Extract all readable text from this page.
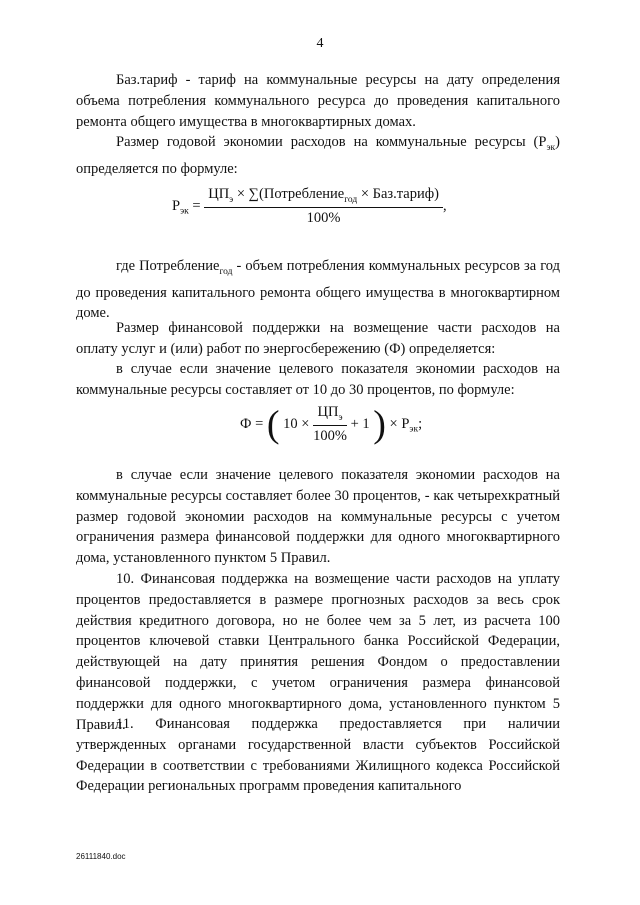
4

Баз.тариф - тариф на коммунальные ресурсы на дату определения объема потребления коммунального ресурса до проведения капитального ремонта общего имущества в многоквартирных домах.

Размер годовой экономии расходов на коммунальные ресурсы $(Р_{эк})$ определяется по формуле:

$Р_{эк} = \frac{ЦП_э \times \sum(Потребление_{год} \times Баз.тариф)}{100\%}$ ,

где Потребление$_{год}$ - объем потребления коммунальных ресурсов за год до проведения капитального ремонта общего имущества в многоквартирном доме.

Размер финансовой поддержки на возмещение части расходов на оплату услуг и (или) работ по энергосбережению (Ф) определяется:

в случае если значение целевого показателя экономии расходов на коммунальные ресурсы составляет от 10 до 30 процентов, по формуле:

Ф = ( $10 \times \frac{ЦП_э}{100\%} + 1$ ) × $Р_{эк}$;

в случае если значение целевого показателя экономии расходов на коммунальные ресурсы составляет более 30 процентов, - как четырехкратный размер годовой экономии расходов на коммунальные ресурсы с учетом ограничения размера финансовой поддержки для одного многоквартирного дома, установленного пунктом 5 Правил.

10. Финансовая поддержка на возмещение части расходов на уплату процентов предоставляется в размере прогнозных расходов за весь срок действия кредитного договора, но не более чем за 5 лет, из расчета 100 процентов ключевой ставки Центрального банка Российской Федерации, действующей на дату принятия решения Фондом о предоставлении финансовой поддержки, с учетом ограничения размера финансовой поддержки для одного многоквартирного дома, установленного пунктом 5 Правил.

11. Финансовая поддержка предоставляется при наличии утвержденных органами государственной власти субъектов Российской Федерации в соответствии с требованиями Жилищного кодекса Российской Федерации региональных программ проведения капитального

26111840.doc
